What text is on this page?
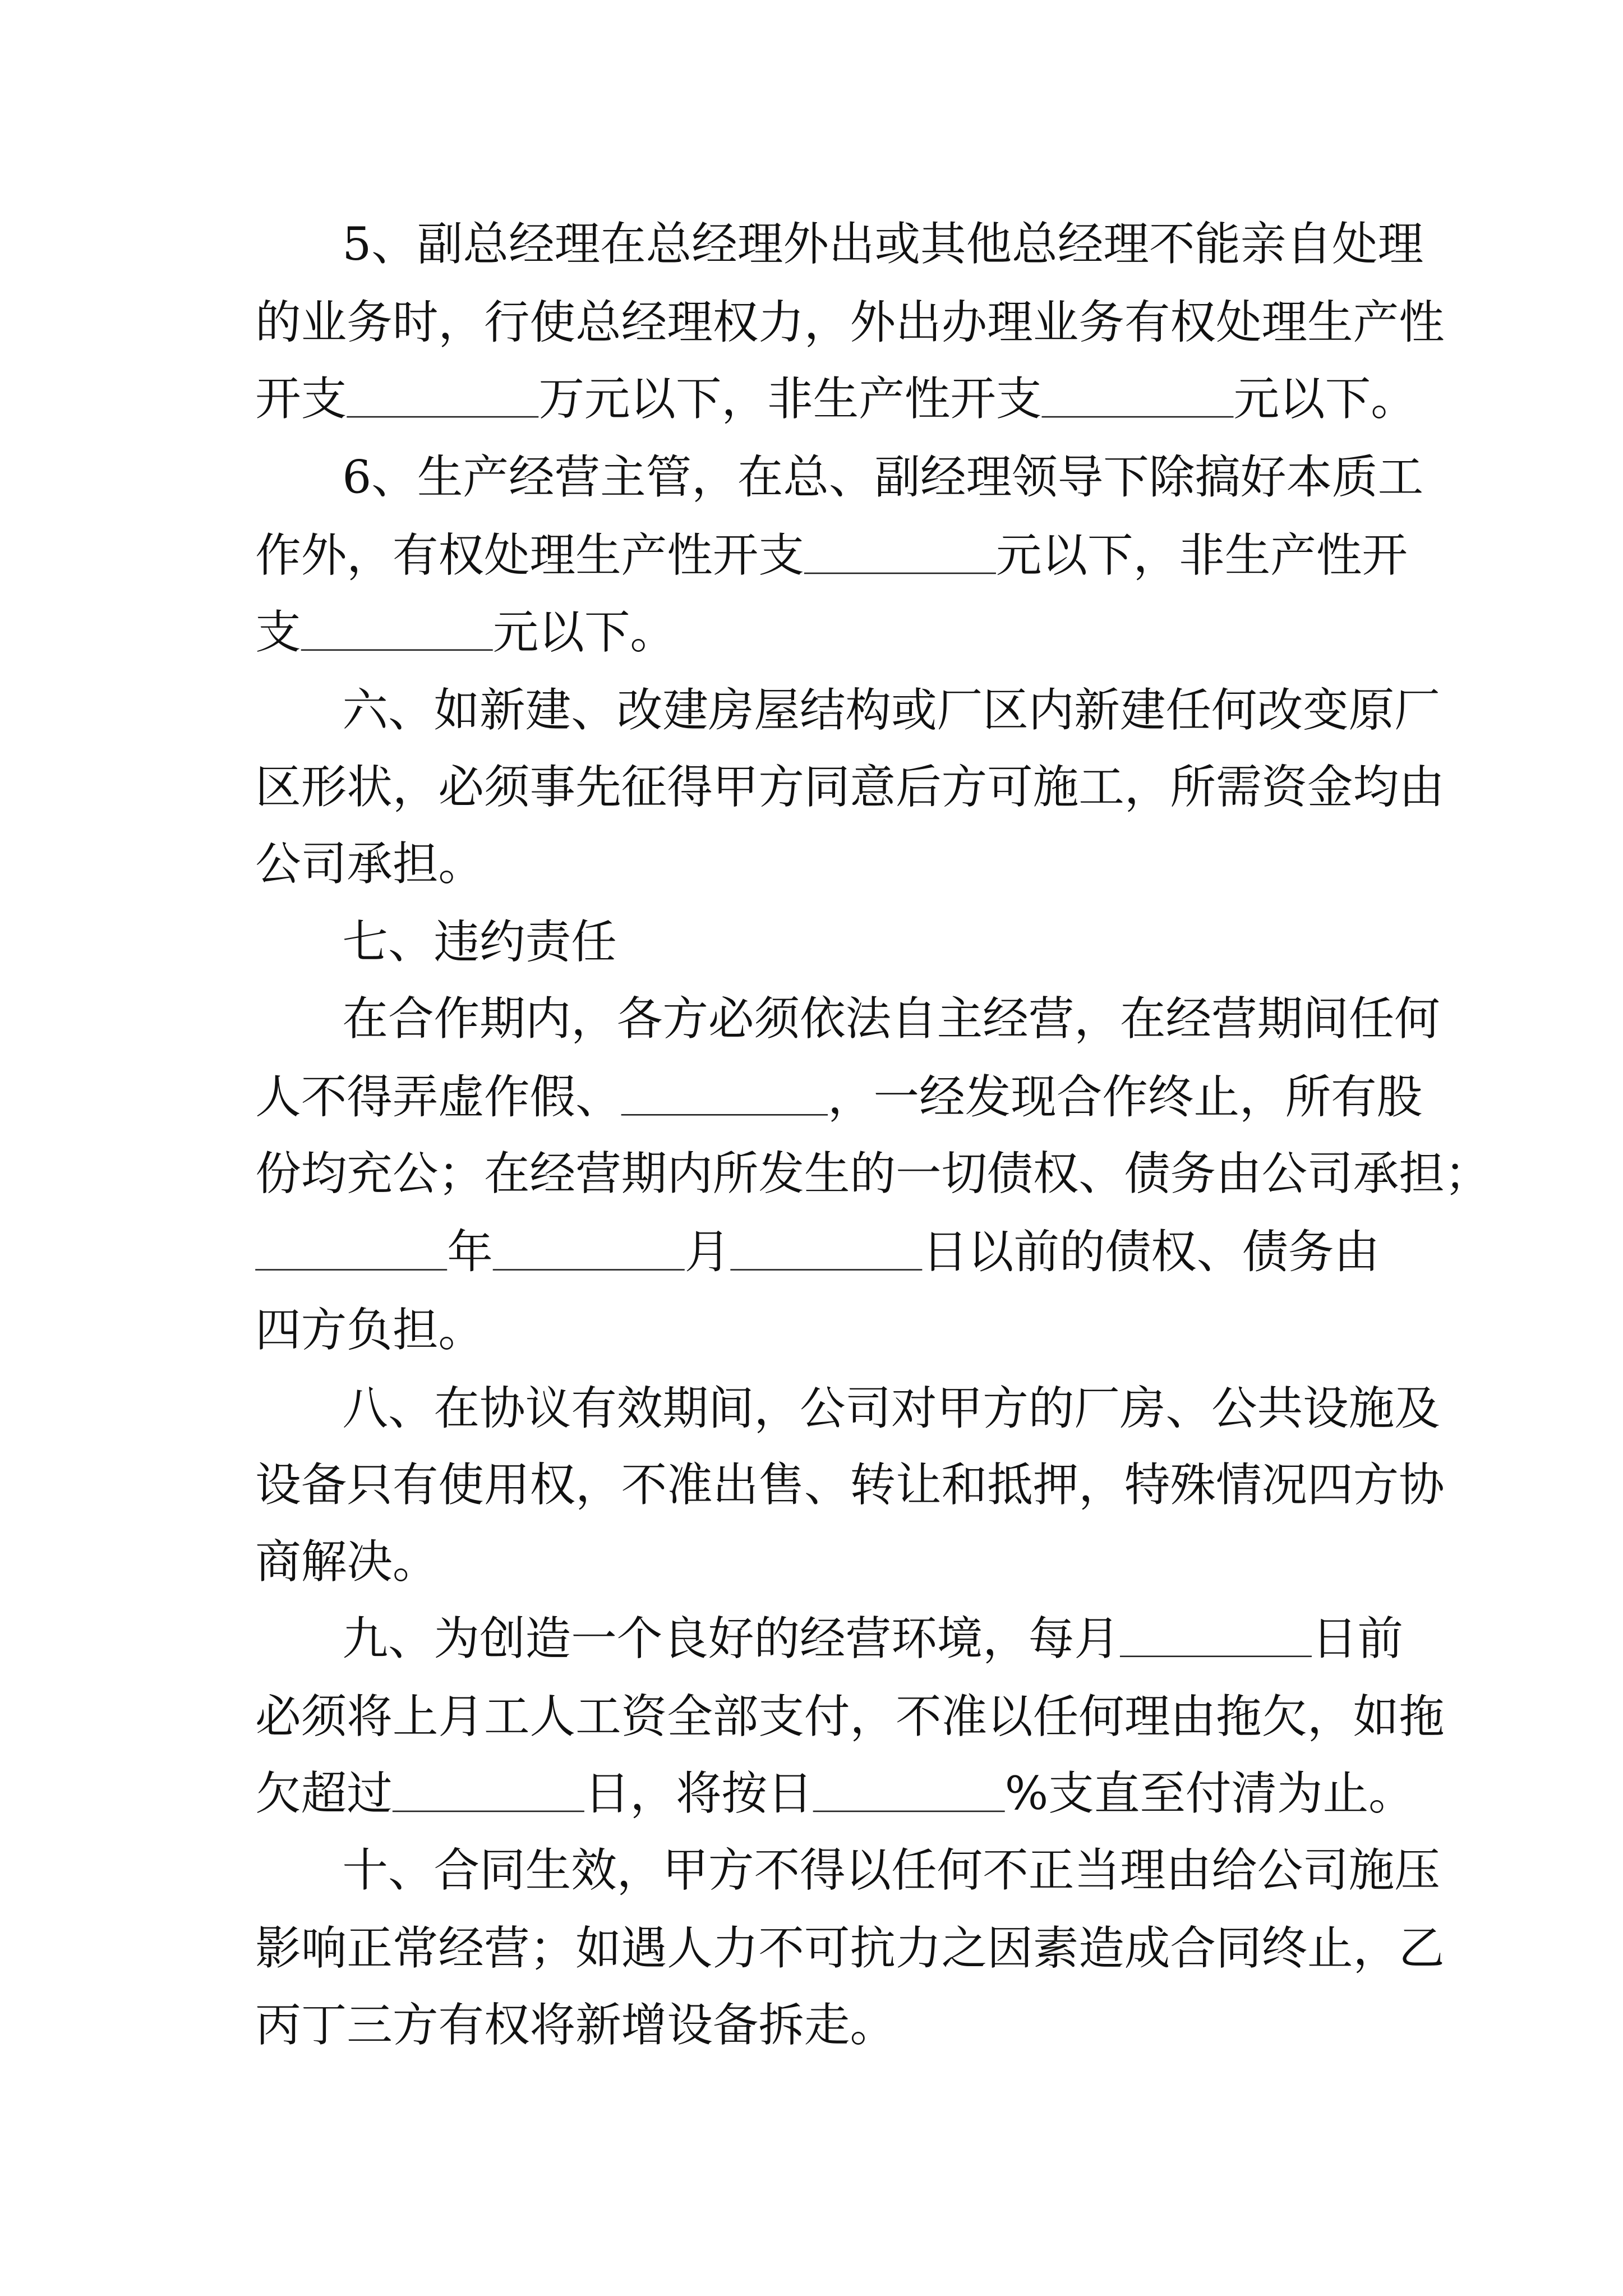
5、副总经理在总经理外出或其他总经理不能亲自处理
的业务时，行使总经理权力，外出办理业务有权处理生产性
开支	万元以下，非生产性开支	元以下。
6、生产经营主管，在总、副经理领导下除搞好本质工
作外，有权处理生产性开支	元以下，非生产性开
支	元以下。
六、如新建、改建房屋结构或厂区内新建任何改变原厂
区形状，必须事先征得甲方同意后方可施工，所需资金均由
公司承担。
七、违约责任
在合作期内，各方必须依法自主经营，在经营期间任何
人不得弄虚作假、	，一经发现合作终止，所有股
份均充公；在经营期内所发生的一切债权、债务由公司承担；
年	月	日以前的债权、债务由
四方负担。
八、在协议有效期间，公司对甲方的厂房、公共设施及
设备只有使用权，不准出售、转让和抵押，特殊情况四方协
商解决。
九、为创造一个良好的经营环境，每月	日前
必须将上月工人工资全部支付，不准以任何理由拖欠，如拖
欠超过	日，将按日	%支直至付清为止。
十、合同生效，甲方不得以任何不正当理由给公司施压
影响正常经营；如遇人力不可抗力之因素造成合同终止，乙
丙丁三方有权将新增设备拆走。
